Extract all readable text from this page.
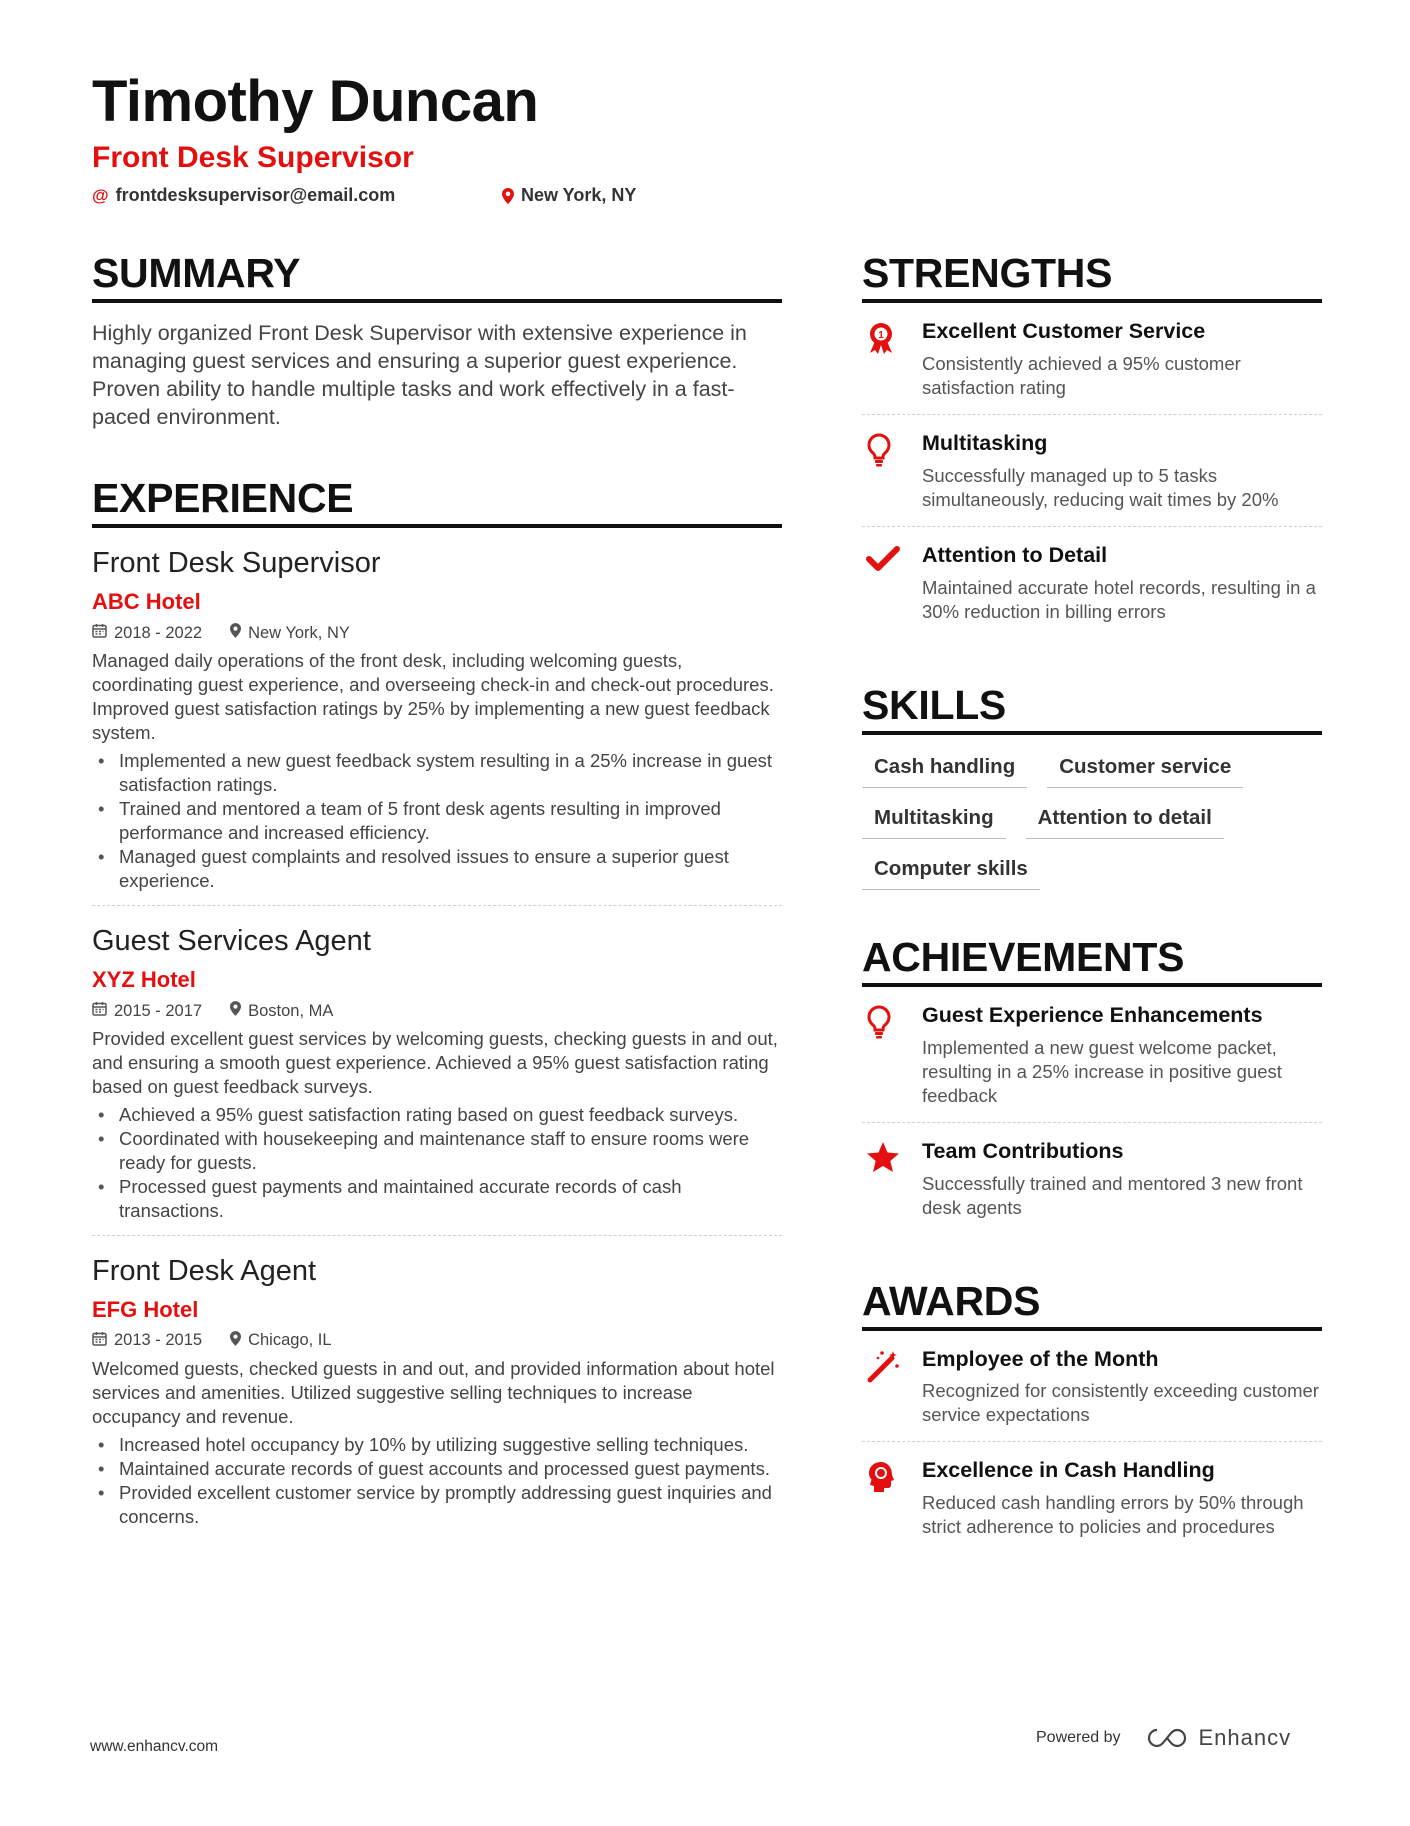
Timothy Duncan
Front Desk Supervisor
@ frontdesksupervisor@email.com	New York, NY
SUMMARY
Highly organized Front Desk Supervisor with extensive experience in managing guest services and ensuring a superior guest experience. Proven ability to handle multiple tasks and work effectively in a fast-paced environment.
EXPERIENCE
Front Desk Supervisor
ABC Hotel
2018 - 2022	New York, NY
Managed daily operations of the front desk, including welcoming guests, coordinating guest experience, and overseeing check-in and check-out procedures. Improved guest satisfaction ratings by 25% by implementing a new guest feedback system.
• Implemented a new guest feedback system resulting in a 25% increase in guest satisfaction ratings.
• Trained and mentored a team of 5 front desk agents resulting in improved performance and increased efficiency.
• Managed guest complaints and resolved issues to ensure a superior guest experience.
Guest Services Agent
XYZ Hotel
2015 - 2017	Boston, MA
Provided excellent guest services by welcoming guests, checking guests in and out, and ensuring a smooth guest experience. Achieved a 95% guest satisfaction rating based on guest feedback surveys.
• Achieved a 95% guest satisfaction rating based on guest feedback surveys.
• Coordinated with housekeeping and maintenance staff to ensure rooms were ready for guests.
• Processed guest payments and maintained accurate records of cash transactions.
Front Desk Agent
EFG Hotel
2013 - 2015	Chicago, IL
Welcomed guests, checked guests in and out, and provided information about hotel services and amenities. Utilized suggestive selling techniques to increase occupancy and revenue.
• Increased hotel occupancy by 10% by utilizing suggestive selling techniques.
• Maintained accurate records of guest accounts and processed guest payments.
• Provided excellent customer service by promptly addressing guest inquiries and concerns.
STRENGTHS
1 Excellent Customer Service
Consistently achieved a 95% customer satisfaction rating
Multitasking
Successfully managed up to 5 tasks simultaneously, reducing wait times by 20%
Attention to Detail
Maintained accurate hotel records, resulting in a 30% reduction in billing errors
SKILLS
Cash handling	Customer service
Multitasking	Attention to detail
Computer skills
ACHIEVEMENTS
Guest Experience Enhancements
Implemented a new guest welcome packet, resulting in a 25% increase in positive guest feedback
Team Contributions
Successfully trained and mentored 3 new front desk agents
AWARDS
Employee of the Month
Recognized for consistently exceeding customer service expectations
Excellence in Cash Handling
Reduced cash handling errors by 50% through strict adherence to policies and procedures
www.enhancv.com
Powered by	Enhancv
